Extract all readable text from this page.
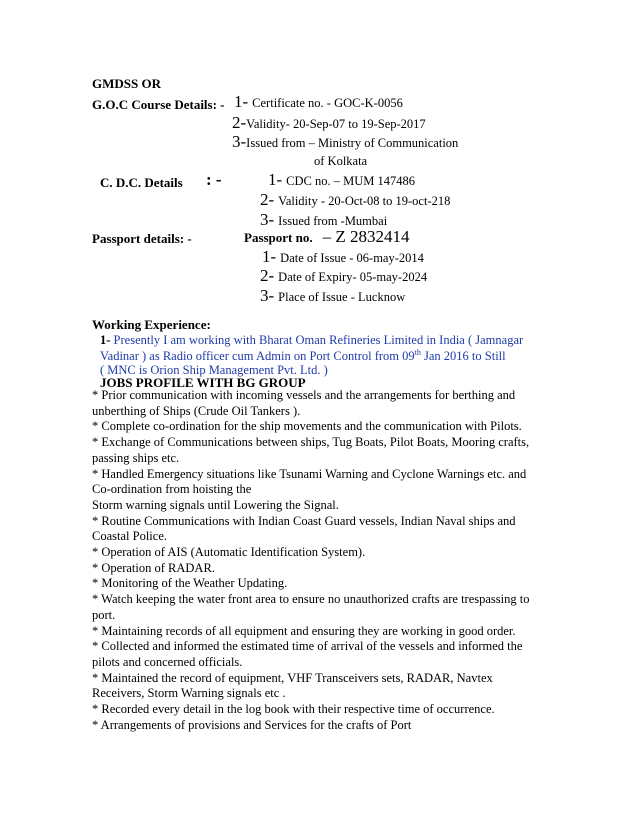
GMDSS OR
G.O.C Course Details: - 1- Certificate no. - GOC-K-0056
2-Validity- 20-Sep-07 to 19-Sep-2017
3-Issued from – Ministry of Communication
of Kolkata
C. D.C. Details : -	1- CDC no. – MUM 147486
2- Validity - 20-Oct-08 to 19-oct-218
3- Issued from -Mumbai
Passport details: -	Passport no. – Z 2832414
1- Date of Issue - 06-may-2014
2- Date of Expiry- 05-may-2024
3- Place of Issue - Lucknow
Working Experience:
1- Presently I am working with Bharat Oman Refineries Limited in India ( Jamnagar
Vadinar ) as Radio officer cum Admin on Port Control from 09th Jan 2016 to Still
( MNC is Orion Ship Management Pvt. Ltd. )
JOBS PROFILE WITH BG GROUP
* Prior communication with incoming vessels and the arrangements for berthing and
unberthing of Ships (Crude Oil Tankers ).
* Complete co-ordination for the ship movements and the communication with Pilots.
* Exchange of Communications between ships, Tug Boats, Pilot Boats, Mooring crafts,
passing ships etc.
* Handled Emergency situations like Tsunami Warning and Cyclone Warnings etc. and
Co-ordination from hoisting the
Storm warning signals until Lowering the Signal.
* Routine Communications with Indian Coast Guard vessels, Indian Naval ships and
Coastal Police.
* Operation of AIS (Automatic Identification System).
* Operation of RADAR.
* Monitoring of the Weather Updating.
* Watch keeping the water front area to ensure no unauthorized crafts are trespassing to
port.
* Maintaining records of all equipment and ensuring they are working in good order.
* Collected and informed the estimated time of arrival of the vessels and informed the
pilots and concerned officials.
* Maintained the record of equipment, VHF Transceivers sets, RADAR, Navtex
Receivers, Storm Warning signals etc .
* Recorded every detail in the log book with their respective time of occurrence.
* Arrangements of provisions and Services for the crafts of Port
